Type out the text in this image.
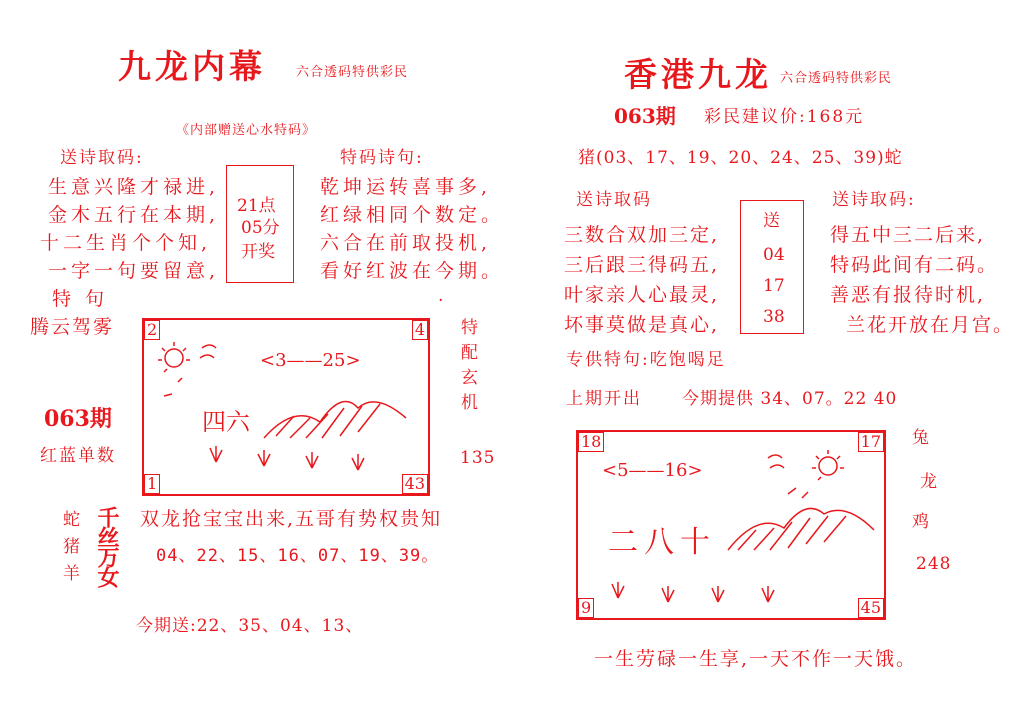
九龙内幕 六合透码特供彩民
《内部赠送心水特码》
送诗取码:
生意兴隆才禄进,
金木五行在本期,
十二生肖个个知,
一字一句要留意,
特 句
腾云驾雾
21点
05分
开奖
特码诗句:
乾坤运转喜事多,
红绿相同个数定。
六合在前取投机,
看好红波在今期。
.
特配玄机
135
063期
红蓝单数
2	4
1	43
<3——25>
四六
蛇猪羊 千丝万女 双龙抢宝宝出来,五哥有势权贵知
04、22、15、16、07、19、39。
今期送:22、35、04、13、
香港九龙 六合透码特供彩民
063期 彩民建议价:168元
猪(03、17、19、20、24、25、39)蛇
送诗取码
三数合双加三定,
三后跟三得码五,
叶家亲人心最灵,
坏事莫做是真心,
送
04
17
38
送诗取码:
得五中三二后来,
特码此间有二码。
善恶有报待时机,
兰花开放在月宫。
专供特句:吃饱喝足
上期开出 今期提供 34、07。22 40
18	17
9	45
<5——16>
二八十
兔
龙
鸡
248
一生劳碌一生享,一天不作一天饿。
